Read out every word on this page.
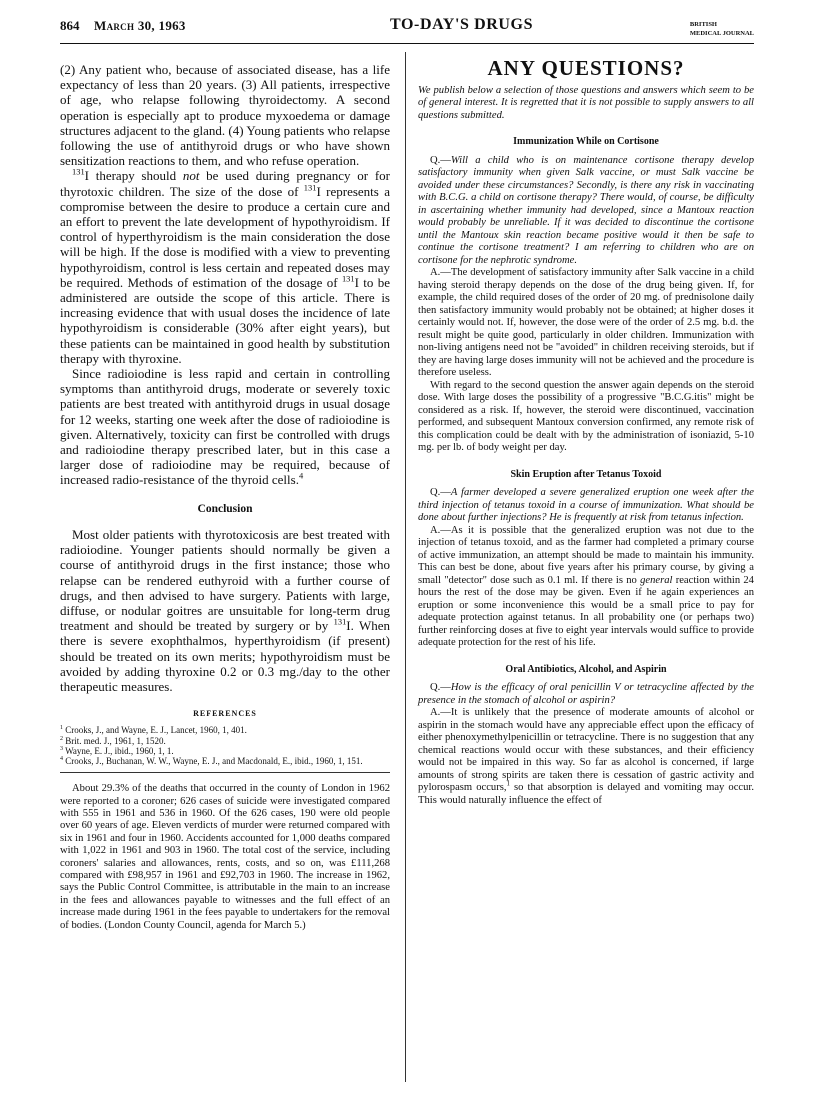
864 March 30, 1963	TO-DAY'S DRUGS	BRITISH
MEDICAL JOURNAL

(2) Any patient who, because of associated disease, has a life expectancy of less than 20 years. (3) All patients, irrespective of age, who relapse following thyroidectomy. A second operation is especially apt to produce myxoedema or damage structures adjacent to the gland. (4) Young patients who relapse following the use of antithyroid drugs or who have shown sensitization reactions to them, and who refuse operation.

$^{131}$I therapy should not be used during pregnancy or for thyrotoxic children. The size of the dose of $^{131}$I represents a compromise between the desire to produce a certain cure and an effort to prevent the late development of hypothyroidism. If control of hyperthyroidism is the main consideration the dose will be high. If the dose is modified with a view to preventing hypothyroidism, control is less certain and repeated doses may be required. Methods of estimation of the dosage of $^{131}$I to be administered are outside the scope of this article. There is increasing evidence that with usual doses the incidence of late hypothyroidism is considerable (30% after eight years), but these patients can be maintained in good health by substitution therapy with thyroxine.

Since radioiodine is less rapid and certain in controlling symptoms than antithyroid drugs, moderate or severely toxic patients are best treated with antithyroid drugs in usual dosage for 12 weeks, starting one week after the dose of radioiodine is given. Alternatively, toxicity can first be controlled with drugs and radioiodine therapy prescribed later, but in this case a larger dose of radioiodine may be required, because of increased radio-resistance of the thyroid cells.$^4$

Conclusion

Most older patients with thyrotoxicosis are best treated with radioiodine. Younger patients should normally be given a course of antithyroid drugs in the first instance; those who relapse can be rendered euthyroid with a further course of drugs, and then advised to have surgery. Patients with large, diffuse, or nodular goitres are unsuitable for long-term drug treatment and should be treated by surgery or by $^{131}$I. When there is severe exophthalmos, hyperthyroidism (if present) should be treated on its own merits; hypothyroidism must be avoided by adding thyroxine 0.2 or 0.3 mg./day to the other therapeutic measures.

REFERENCES
$^1$ Crooks, J., and Wayne, E. J., Lancet, 1960, 1, 401.
$^2$ Brit. med. J., 1961, 1, 1520.
$^3$ Wayne, E. J., ibid., 1960, 1, 1.
$^4$ Crooks, J., Buchanan, W. W., Wayne, E. J., and Macdonald, E., ibid., 1960, 1, 151.

About 29.3% of the deaths that occurred in the county of London in 1962 were reported to a coroner; 626 cases of suicide were investigated compared with 555 in 1961 and 536 in 1960. Of the 626 cases, 190 were old people over 60 years of age. Eleven verdicts of murder were returned compared with six in 1961 and four in 1960. Accidents accounted for 1,000 deaths compared with 1,022 in 1961 and 903 in 1960. The total cost of the service, including coroners' salaries and allowances, rents, costs, and so on, was £111,268 compared with £98,957 in 1961 and £92,703 in 1960. The increase in 1962, says the Public Control Committee, is attributable in the main to an increase in the fees and allowances payable to witnesses and the full effect of an increase made during 1961 in the fees payable to undertakers for the removal of bodies. (London County Council, agenda for March 5.)

ANY QUESTIONS?

We publish below a selection of those questions and answers which seem to be of general interest. It is regretted that it is not possible to supply answers to all questions submitted.

Immunization While on Cortisone

Q.—Will a child who is on maintenance cortisone therapy develop satisfactory immunity when given Salk vaccine, or must Salk vaccine be avoided under these circumstances? Secondly, is there any risk in vaccinating with B.C.G. a child on cortisone therapy? There would, of course, be difficulty in ascertaining whether immunity had developed, since a Mantoux reaction would probably be unreliable. If it was decided to discontinue the cortisone until the Mantoux skin reaction became positive would it then be safe to continue the cortisone treatment? I am referring to children who are on cortisone for the nephrotic syndrome.

A.—The development of satisfactory immunity after Salk vaccine in a child having steroid therapy depends on the dose of the drug being given. If, for example, the child required doses of the order of 20 mg. of prednisolone daily then satisfactory immunity would probably not be obtained; at higher doses it certainly would not. If, however, the dose were of the order of 2.5 mg. b.d. the result might be quite good, particularly in older children. Immunization with non-living antigens need not be "avoided" in children receiving steroids, but if they are having large doses immunity will not be achieved and the procedure is therefore useless.

With regard to the second question the answer again depends on the steroid dose. With large doses the possibility of a progressive "B.C.G.itis" might be considered as a risk. If, however, the steroid were discontinued, vaccination performed, and subsequent Mantoux conversion confirmed, any remote risk of this complication could be dealt with by the administration of isoniazid, 5-10 mg. per lb. of body weight per day.

Skin Eruption after Tetanus Toxoid

Q.—A farmer developed a severe generalized eruption one week after the third injection of tetanus toxoid in a course of immunization. What should be done about further injections? He is frequently at risk from tetanus infection.

A.—As it is possible that the generalized eruption was not due to the injection of tetanus toxoid, and as the farmer had completed a primary course of active immunization, an attempt should be made to maintain his immunity. This can best be done, about five years after his primary course, by giving a small "detector" dose such as 0.1 ml. If there is no general reaction within 24 hours the rest of the dose may be given. Even if he again experiences an eruption or some inconvenience this would be a small price to pay for adequate protection against tetanus. In all probability one (or perhaps two) further reinforcing doses at five to eight year intervals would suffice to provide adequate protection for the rest of his life.

Oral Antibiotics, Alcohol, and Aspirin

Q.—How is the efficacy of oral penicillin V or tetracycline affected by the presence in the stomach of alcohol or aspirin?

A.—It is unlikely that the presence of moderate amounts of alcohol or aspirin in the stomach would have any appreciable effect upon the efficacy of either phenoxymethylpenicillin or tetracycline. There is no suggestion that any chemical reactions would occur with these substances, and their efficiency would not be impaired in this way. So far as alcohol is concerned, if large amounts of strong spirits are taken there is cessation of gastric activity and pylorospasm occurs,$^1$ so that absorption is delayed and vomiting may occur. This would naturally influence the effect of
